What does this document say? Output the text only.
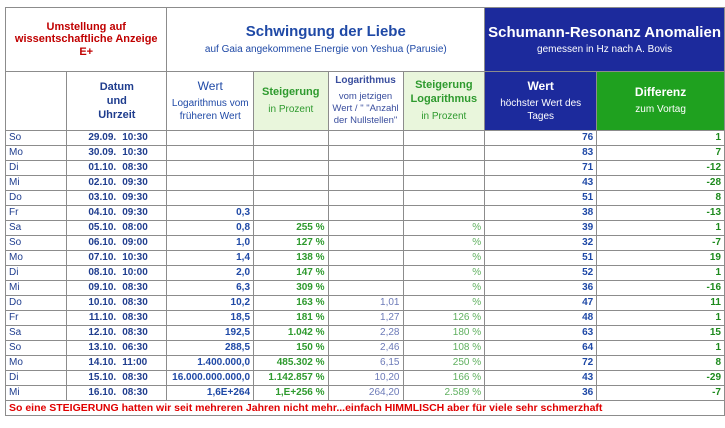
Umstellung auf wissentschaftliche Anzeige E+		Schwingung der Liebe
auf Gaia angekommene Energie von Yeshua (Parusie)				Schumann-Resonanz Anomalien
gemessen in Hz nach A. Bovis	

	Datum und Uhrzeit	Wert
Logarithmus vom früheren Wert	Steigerung
in Prozent	Logarithmus
vom jetzigen Wert / " "Anzahl der Nullstellen"	Steigerung Logarithmus
in Prozent	Wert
höchster Wert des Tages	Differenz
zum Vortag

So	29.09. 10:30					76	1
Mo	30.09. 10:30					83	7
Di	01.10. 08:30					71	-12
Mi	02.10. 09:30					43	-28
Do	03.10. 09:30					51	8
Fr	04.10. 09:30	0,3				38	-13
Sa	05.10. 08:00	0,8	255 %		%	39	1
So	06.10. 09:00	1,0	127 %		%	32	-7
Mo	07.10. 10:30	1,4	138 %		%	51	19
Di	08.10. 10:00	2,0	147 %		%	52	1
Mi	09.10. 08:30	6,3	309 %		%	36	-16
Do	10.10. 08:30	10,2	163 %	1,01	%	47	11
Fr	11.10. 08:30	18,5	181 %	1,27	126 %	48	1
Sa	12.10. 08:30	192,5	1.042 %	2,28	180 %	63	15
So	13.10. 06:30	288,5	150 %	2,46	108 %	64	1
Mo	14.10. 11:00	1.400.000,0	485.302 %	6,15	250 %	72	8
Di	15.10. 08:30	16.000.000.000,0	1.142.857 %	10,20	166 %	43	-29
Mi	16.10. 08:30	1,6E+264	1,E+256 %	264,20	2.589 %	36	-7
So eine STEIGERUNG hatten wir seit mehreren Jahren nicht mehr...einfach HIMMLISCH aber für viele sehr schmerzhaft							
